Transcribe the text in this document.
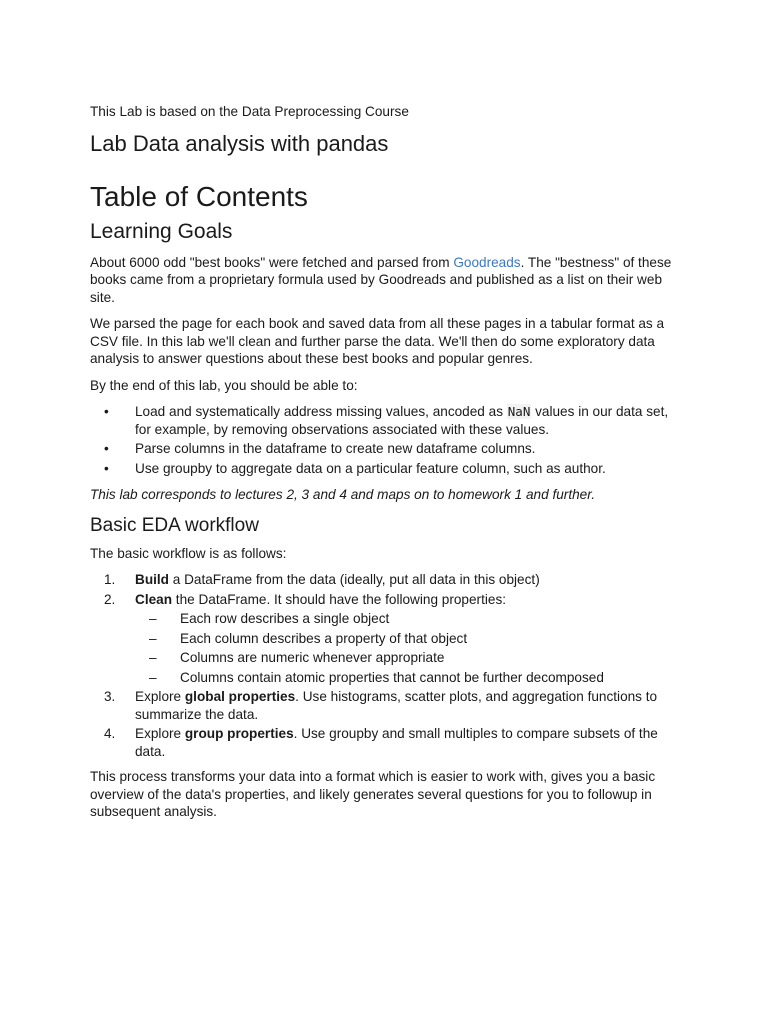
This Lab is based on the Data Preprocessing Course

Lab Data analysis with pandas
Table of Contents
Learning Goals

About 6000 odd "best books" were fetched and parsed from Goodreads. The "bestness" of these books came from a proprietary formula used by Goodreads and published as a list on their web site.

We parsed the page for each book and saved data from all these pages in a tabular format as a CSV file. In this lab we'll clean and further parse the data. We'll then do some exploratory data analysis to answer questions about these best books and popular genres.

By the end of this lab, you should be able to:

• Load and systematically address missing values, ancoded as NaN values in our data set, for example, by removing observations associated with these values.
• Parse columns in the dataframe to create new dataframe columns.
• Use groupby to aggregate data on a particular feature column, such as author.

This lab corresponds to lectures 2, 3 and 4 and maps on to homework 1 and further.

Basic EDA workflow

The basic workflow is as follows:

1. Build a DataFrame from the data (ideally, put all data in this object)
2. Clean the DataFrame. It should have the following properties:
– Each row describes a single object
– Each column describes a property of that object
– Columns are numeric whenever appropriate
– Columns contain atomic properties that cannot be further decomposed
3. Explore global properties. Use histograms, scatter plots, and aggregation functions to summarize the data.
4. Explore group properties. Use groupby and small multiples to compare subsets of the data.

This process transforms your data into a format which is easier to work with, gives you a basic overview of the data's properties, and likely generates several questions for you to followup in subsequent analysis.
